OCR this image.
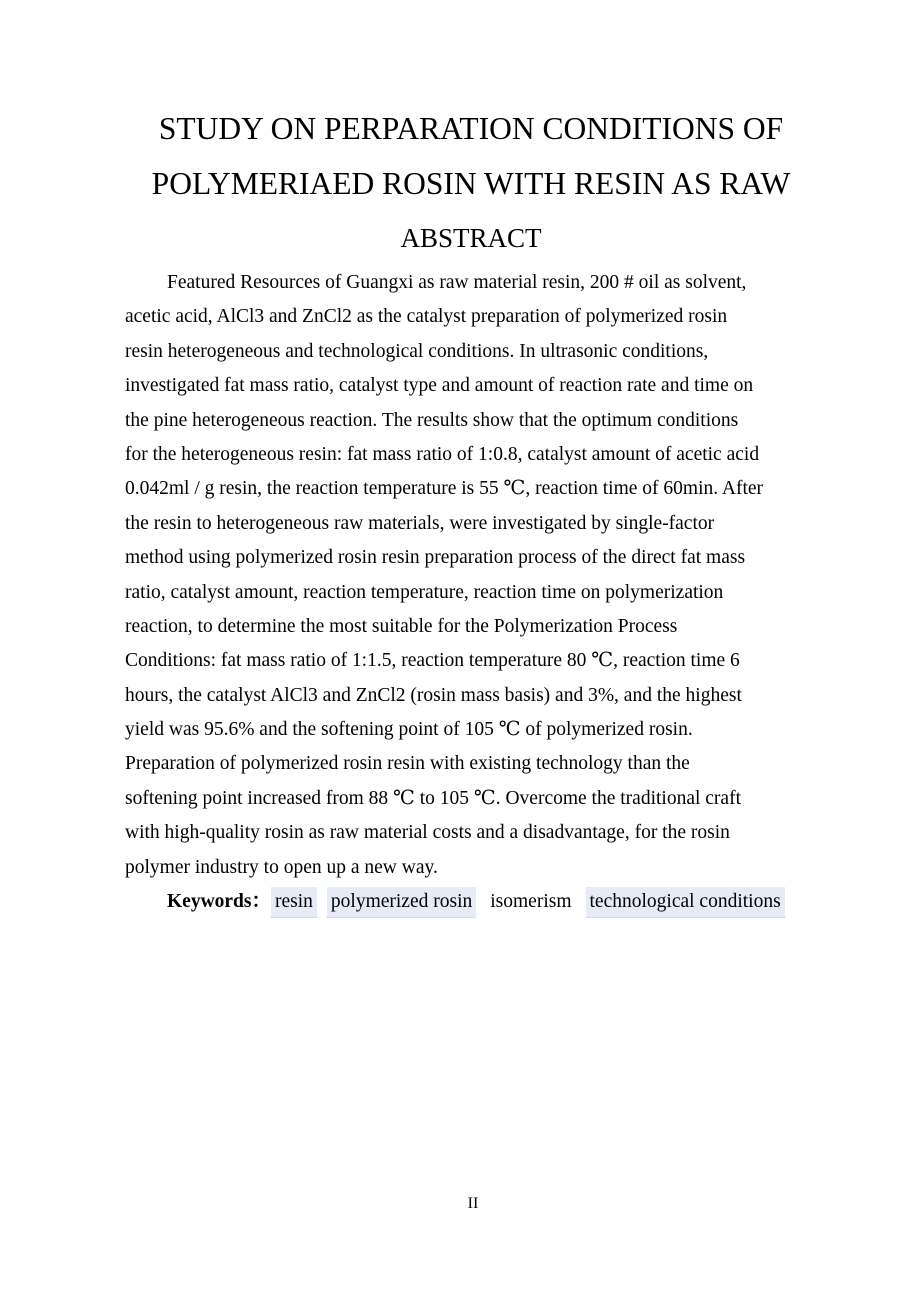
STUDY ON PERPARATION CONDITIONS OF
POLYMERIAED ROSIN WITH RESIN AS RAW
ABSTRACT
Featured Resources of Guangxi as raw material resin, 200 # oil as solvent,
acetic acid, AlCl3 and ZnCl2 as the catalyst preparation of polymerized rosin
resin heterogeneous and technological conditions. In ultrasonic conditions,
investigated fat mass ratio, catalyst type and amount of reaction rate and time on
the pine heterogeneous reaction. The results show that the optimum conditions
for the heterogeneous resin: fat mass ratio of 1:0.8, catalyst amount of acetic acid
0.042ml / g resin, the reaction temperature is 55 ℃, reaction time of 60min. After
the resin to heterogeneous raw materials, were investigated by single-factor
method using polymerized rosin resin preparation process of the direct fat mass
ratio, catalyst amount, reaction temperature, reaction time on polymerization
reaction, to determine the most suitable for the Polymerization Process
Conditions: fat mass ratio of 1:1.5, reaction temperature 80 ℃, reaction time 6
hours, the catalyst AlCl3 and ZnCl2 (rosin mass basis) and 3%, and the highest
yield was 95.6% and the softening point of 105 ℃ of polymerized rosin.
Preparation of polymerized rosin resin with existing technology than the
softening point increased from 88 ℃ to 105 ℃. Overcome the traditional craft
with high-quality rosin as raw material costs and a disadvantage, for the rosin
polymer industry to open up a new way.
Keywords： resin polymerized rosin isomerism technological conditions
II
